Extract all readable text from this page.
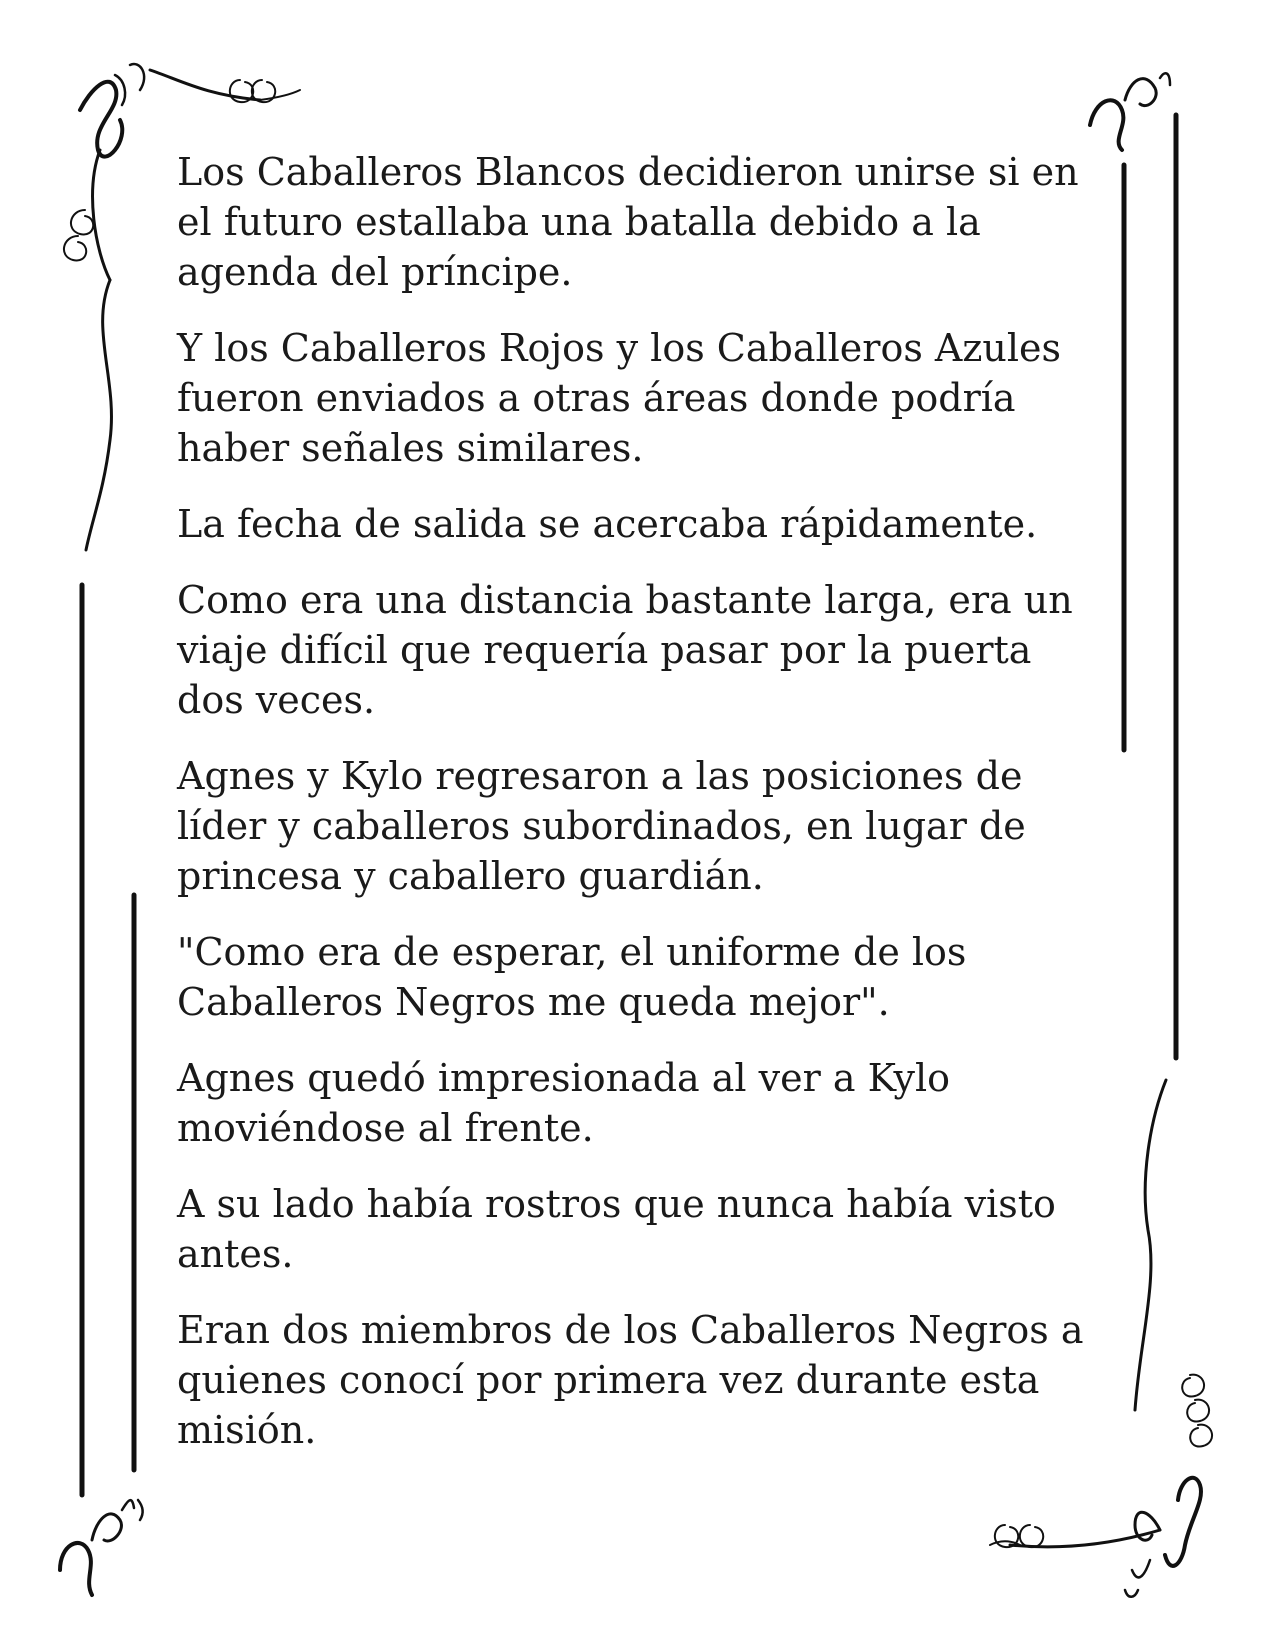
Los Caballeros Blancos decidieron unirse si en
el futuro estallaba una batalla debido a la
agenda del príncipe.

Y los Caballeros Rojos y los Caballeros Azules
fueron enviados a otras áreas donde podría
haber señales similares.

La fecha de salida se acercaba rápidamente.

Como era una distancia bastante larga, era un
viaje difícil que requería pasar por la puerta
dos veces.

Agnes y Kylo regresaron a las posiciones de
líder y caballeros subordinados, en lugar de
princesa y caballero guardián.

"Como era de esperar, el uniforme de los
Caballeros Negros me queda mejor".

Agnes quedó impresionada al ver a Kylo
moviéndose al frente.

A su lado había rostros que nunca había visto
antes.

Eran dos miembros de los Caballeros Negros a
quienes conocí por primera vez durante esta
misión.
